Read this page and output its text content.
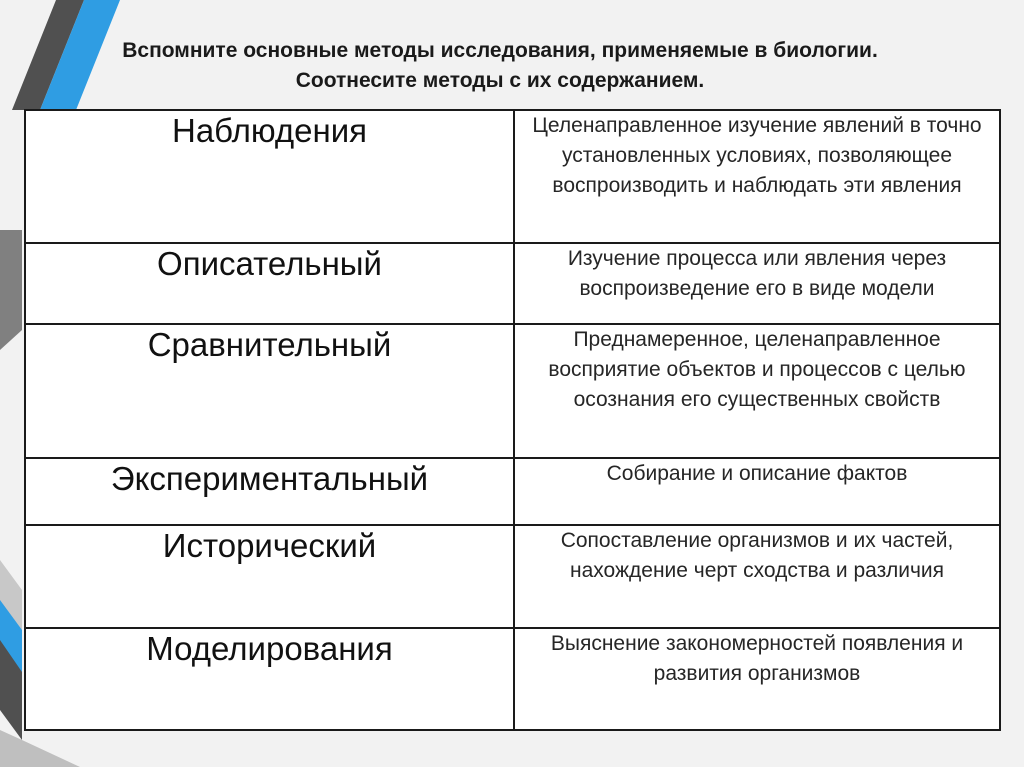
Вспомните основные методы исследования, применяемые в биологии.
Соотнесите методы с их содержанием.
Наблюдения	Целенаправленное изучение явлений в точно установленных условиях, позволяющее воспроизводить и наблюдать эти явления
Описательный	Изучение процесса или явления через воспроизведение его в виде модели
Сравнительный	Преднамеренное, целенаправленное восприятие объектов и процессов с целью осознания его существенных свойств
Экспериментальный	Собирание и описание фактов
Исторический	Сопоставление организмов и их частей, нахождение черт сходства и различия
Моделирования	Выяснение закономерностей появления и развития организмов
